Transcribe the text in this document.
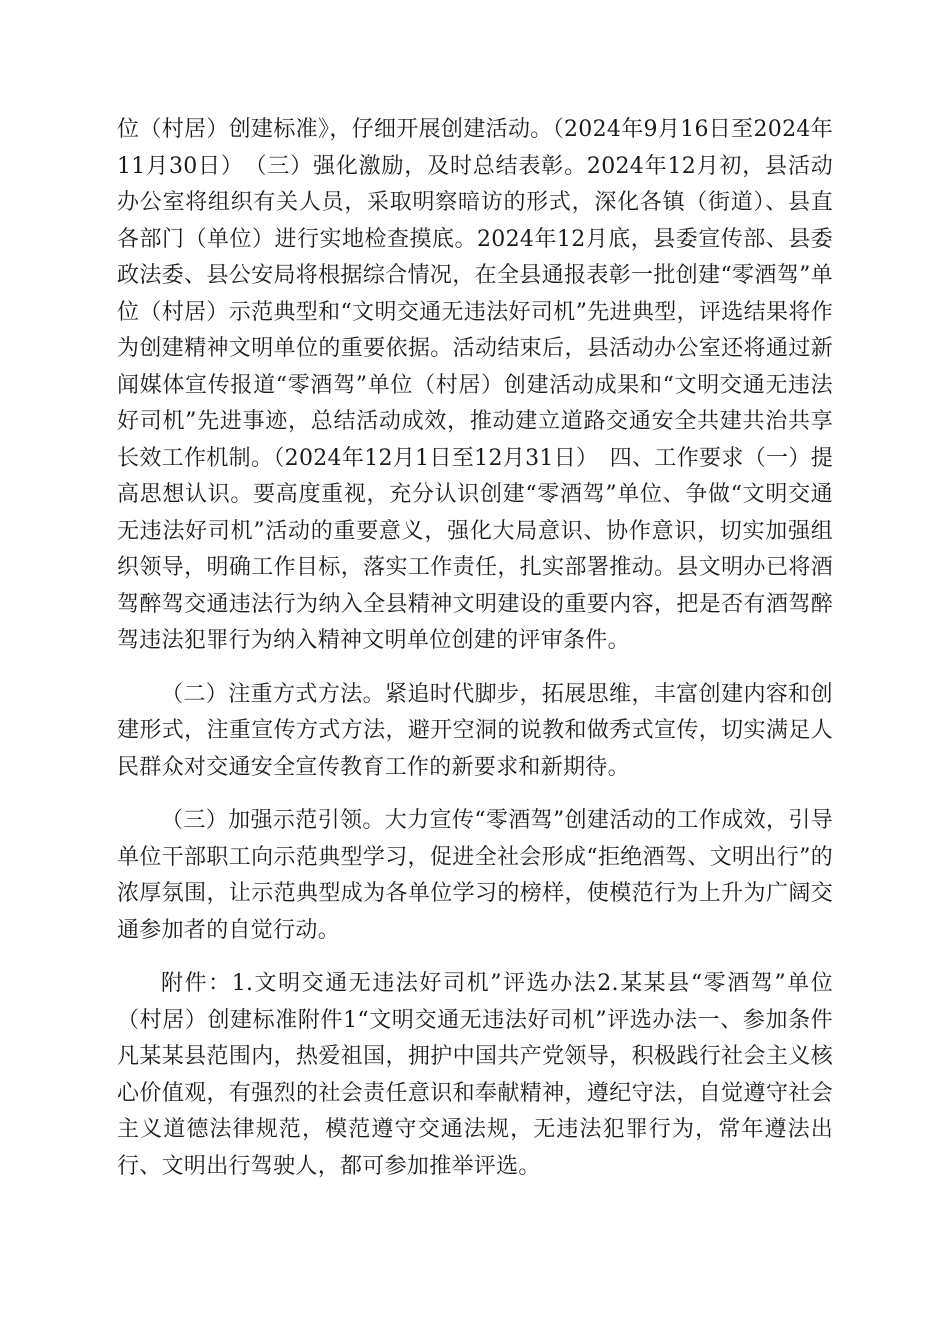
位（村居）创建标准》，仔细开展创建活动。（2024年9月16日至2024年11月30日）　（三）强化激励，及时总结表彰。2024年12月初，县活动办公室将组织有关人员，采取明察暗访的形式，深化各镇（街道）、县直各部门（单位）进行实地检查摸底。2024年12月底，县委宣传部、县委政法委、县公安局将根据综合情况，在全县通报表彰一批创建“零酒驾”单位（村居）示范典型和“文明交通无违法好司机”先进典型，评选结果将作为创建精神文明单位的重要依据。活动结束后，县活动办公室还将通过新闻媒体宣传报道“零酒驾”单位（村居）创建活动成果和“文明交通无违法好司机”先进事迹，总结活动成效，推动建立道路交通安全共建共治共享长效工作机制。（2024年12月1日至12月31日）　四、工作要求（一）提高思想认识。要高度重视，充分认识创建“零酒驾”单位、争做“文明交通无违法好司机”活动的重要意义，强化大局意识、协作意识，切实加强组织领导，明确工作目标，落实工作责任，扎实部署推动。县文明办已将酒驾醉驾交通违法行为纳入全县精神文明建设的重要内容，把是否有酒驾醉驾违法犯罪行为纳入精神文明单位创建的评审条件。

（二）注重方式方法。紧追时代脚步，拓展思维，丰富创建内容和创建形式，注重宣传方式方法，避开空洞的说教和做秀式宣传，切实满足人民群众对交通安全宣传教育工作的新要求和新期待。

（三）加强示范引领。大力宣传“零酒驾”创建活动的工作成效，引导单位干部职工向示范典型学习，促进全社会形成“拒绝酒驾、文明出行”的浓厚氛围，让示范典型成为各单位学习的榜样，使模范行为上升为广阔交通参加者的自觉行动。

附件：1.文明交通无违法好司机”评选办法2.某某县“零酒驾”单位（村居）创建标准附件1“文明交通无违法好司机”评选办法一、参加条件凡某某县范围内，热爱祖国，拥护中国共产党领导，积极践行社会主义核心价值观，有强烈的社会责任意识和奉献精神，遵纪守法，自觉遵守社会主义道德法律规范，模范遵守交通法规，无违法犯罪行为，常年遵法出行、文明出行驾驶人，都可参加推举评选。
